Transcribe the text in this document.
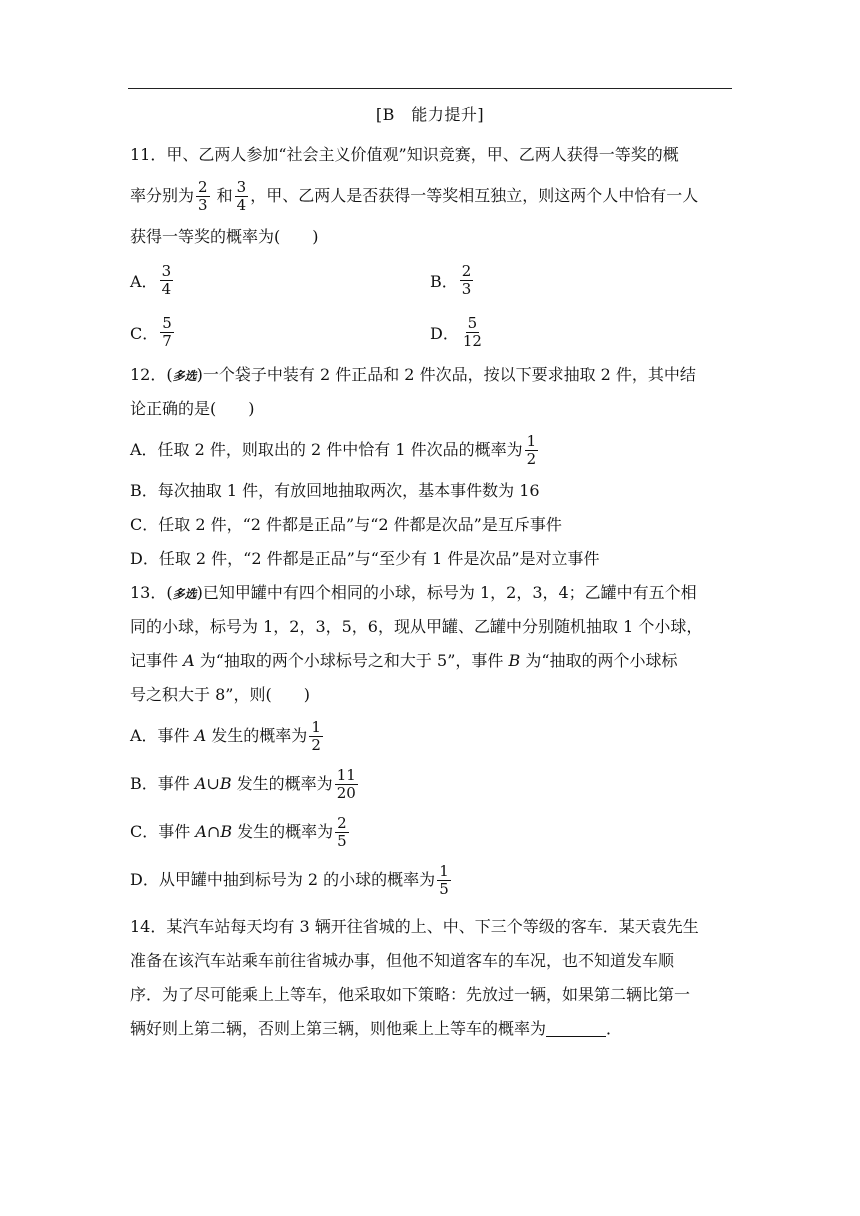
[B　能力提升]
11．甲、乙两人参加“社会主义价值观”知识竞赛，甲、乙两人获得一等奖的概
率分别为 $\frac{2}{3}$ 和 $\frac{3}{4}$ ，甲、乙两人是否获得一等奖相互独立，则这两个人中恰有一人
获得一等奖的概率为(　　)
A． $\frac{3}{4}$	B． $\frac{2}{3}$
C． $\frac{5}{7}$	D． $\frac{5}{12}$
12．(多选)一个袋子中装有 2 件正品和 2 件次品，按以下要求抽取 2 件，其中结
论正确的是(　　)
A．任取 2 件，则取出的 2 件中恰有 1 件次品的概率为 $\frac{1}{2}$
B．每次抽取 1 件，有放回地抽取两次，基本事件数为 16
C．任取 2 件，“2 件都是正品”与“2 件都是次品”是互斥事件
D．任取 2 件，“2 件都是正品”与“至少有 1 件是次品”是对立事件
13．(多选)已知甲罐中有四个相同的小球，标号为 1，2，3，4；乙罐中有五个相
同的小球，标号为 1，2，3，5，6，现从甲罐、乙罐中分别随机抽取 1 个小球，
记事件 A 为“抽取的两个小球标号之和大于 5”，事件 B 为“抽取的两个小球标
号之积大于 8”，则(　　)
A．事件 A 发生的概率为 $\frac{1}{2}$
B．事件 A∪B 发生的概率为 $\frac{11}{20}$
C．事件 A∩B 发生的概率为 $\frac{2}{5}$
D．从甲罐中抽到标号为 2 的小球的概率为 $\frac{1}{5}$
14．某汽车站每天均有 3 辆开往省城的上、中、下三个等级的客车．某天袁先生
准备在该汽车站乘车前往省城办事，但他不知道客车的车况，也不知道发车顺
序．为了尽可能乘上上等车，他采取如下策略：先放过一辆，如果第二辆比第一
辆好则上第二辆，否则上第三辆，则他乘上上等车的概率为	．
